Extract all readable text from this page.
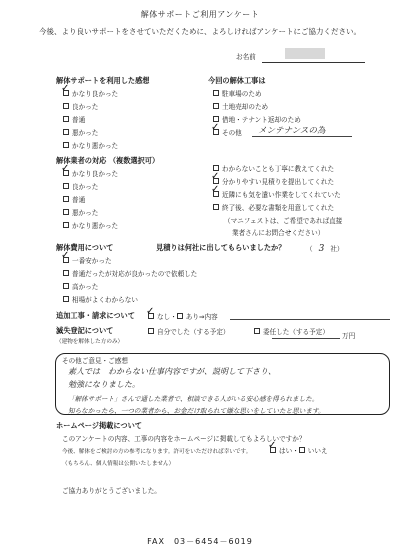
解体サポートご利用アンケート
今後、より良いサポートをさせていただくために、よろしければアンケートにご協力ください。
お名前
解体サポートを利用した感想
かなり良かった
良かった
普通
悪かった
かなり悪かった
✓
今回の解体工事は
駐車場のため
土地売却のため
借地・テナント返却のため
その他 メンテナンスの為
✓
解体業者の対応 （複数選択可）
かなり良かった
良かった
普通
悪かった
かなり悪かった
✓	わからないことも丁寧に教えてくれた
分かりやすい見積りを提出してくれた
近隣にも気を遣い作業をしてくれていた
終了後、必要な書類を用意してくれた
✓
✓
（マニフェストは、ご希望であれば直接
業者さんにお問合せください）
解体費用について
一番安かった
普通だったが対応が良かったので依頼した
高かった
相場がよくわからない
✓
見積りは何社に出してもらいましたか？	（ 3 社）
追加工事・請求について	なし・ あり⇒内容
✓
滅失登記について
（建物を解体した方のみ）
自分でした（する予定）	委任した（する予定） 万円
その他ご意見・ご感想
素人では　わからない仕事内容ですが、説明して下さり、
勉強になりました。
「解体サポート」さんで通した業者で、相談できる人がいる安心感を得られました。
知らなかったら、一つの業者から、お金だけ取られて嫌な思いをしていたと思います。
ホームページ掲載について
このアンケートの内容、工事の内容をホームページに掲載してもよろしいですか？
今後、解体をご検討の方の参考になります。許可をいただければ幸いです。	はい・ いいえ
✓
（もちろん、個人情報は公開いたしません）
ご協力ありがとうございました。
FAX　03－6454－6019
